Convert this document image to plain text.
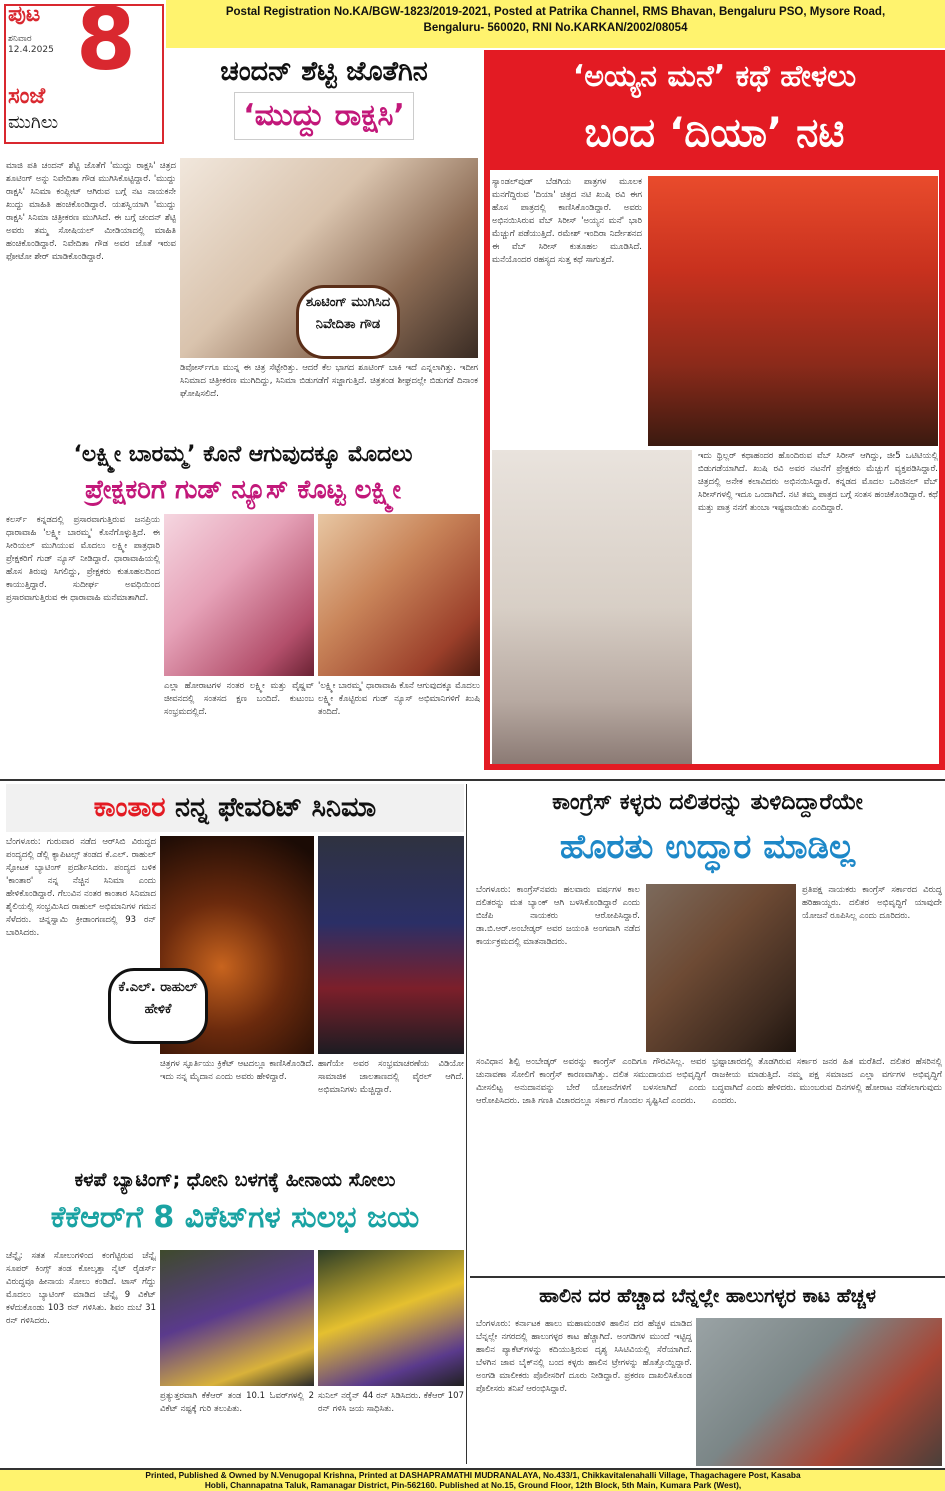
ಪುಟ
ಶನಿವಾರ
12.4.2025 8
ಸಂಜೆ
ಮುಗಿಲು
Postal Registration No.KA/BGW-1823/2019-2021, Posted at Patrika Channel, RMS Bhavan, Bengaluru PSO, Mysore Road,
Bengaluru- 560020, RNI No.KARKAN/2002/08054
ಚಂದನ್ ಶೆಟ್ಟಿ ಜೊತೆಗಿನ
‘ಮುದ್ದು ರಾಕ್ಷಸಿ’
ಮಾಜಿ ಪತಿ ಚಂದನ್ ಶೆಟ್ಟಿ ಜೊತೆಗೆ 'ಮುದ್ದು ರಾಕ್ಷಸಿ' ಚಿತ್ರದ ಶೂಟಿಂಗ್ ಅನ್ನು ನಿವೇದಿತಾ ಗೌಡ ಮುಗಿಸಿಕೊಟ್ಟಿದ್ದಾರೆ. 'ಮುದ್ದು ರಾಕ್ಷಸಿ' ಸಿನಿಮಾ ಕಂಪ್ಲೀಟ್ ಆಗಿರುವ ಬಗ್ಗೆ ನಟ ನಾಯಕನೇ ಖುದ್ದು ಮಾಹಿತಿ ಹಂಚಿಕೊಂಡಿದ್ದಾರೆ. ಯಶಸ್ವಿಯಾಗಿ 'ಮುದ್ದು ರಾಕ್ಷಸಿ' ಸಿನಿಮಾ ಚಿತ್ರೀಕರಣ ಮುಗಿಸಿದೆ. ಈ ಬಗ್ಗೆ ಚಂದನ್ ಶೆಟ್ಟಿ ಅವರು ತಮ್ಮ ಸೋಷಿಯಲ್ ಮೀಡಿಯಾದಲ್ಲಿ ಮಾಹಿತಿ ಹಂಚಿಕೊಂಡಿದ್ದಾರೆ. ನಿವೇದಿತಾ ಗೌಡ ಅವರ ಜೊತೆ ಇರುವ ಫೋಟೋ ಶೇರ್ ಮಾಡಿಕೊಂಡಿದ್ದಾರೆ.
ಶೂಟಿಂಗ್ ಮುಗಿಸಿದ ನಿವೇದಿತಾ ಗೌಡ
ಡಿವೋರ್ಸ್‌ಗೂ ಮುನ್ನ ಈ ಚಿತ್ರ ಸೆಟ್ಟೇರಿತ್ತು. ಆದರೆ ಕೆಲ ಭಾಗದ ಶೂಟಿಂಗ್ ಬಾಕಿ ಇದೆ ಎನ್ನಲಾಗಿತ್ತು. ಇದೀಗ ಸಿನಿಮಾದ ಚಿತ್ರೀಕರಣ ಮುಗಿದಿದ್ದು, ಸಿನಿಮಾ ಬಿಡುಗಡೆಗೆ ಸಜ್ಜಾಗುತ್ತಿದೆ. ಚಿತ್ರತಂಡ ಶೀಘ್ರದಲ್ಲೇ ಬಿಡುಗಡೆ ದಿನಾಂಕ ಘೋಷಿಸಲಿದೆ.
‘ಅಯ್ಯನ ಮನೆ’ ಕಥೆ ಹೇಳಲು
ಬಂದ ‘ದಿಯಾ’ ನಟಿ
ಸ್ಯಾಂಡಲ್‌ವುಡ್ ಬೆಡಗಿಯ ಪಾತ್ರಗಳ ಮೂಲಕ ಮನಗೆದ್ದಿರುವ 'ದಿಯಾ' ಚಿತ್ರದ ನಟಿ ಖುಷಿ ರವಿ ಈಗ ಹೊಸ ಪಾತ್ರದಲ್ಲಿ ಕಾಣಿಸಿಕೊಂಡಿದ್ದಾರೆ. ಅವರು ಅಭಿನಯಿಸಿರುವ ವೆಬ್ ಸಿರೀಸ್ 'ಅಯ್ಯನ ಮನೆ' ಭಾರಿ ಮೆಚ್ಚುಗೆ ಪಡೆಯುತ್ತಿದೆ. ರಮೇಶ್ ಇಂದಿರಾ ನಿರ್ದೇಶನದ ಈ ವೆಬ್ ಸಿರೀಸ್ ಕುತೂಹಲ ಮೂಡಿಸಿದೆ. ಮನೆಯೊಂದರ ರಹಸ್ಯದ ಸುತ್ತ ಕಥೆ ಸಾಗುತ್ತದೆ.
ಇದು ಥ್ರಿಲ್ಲರ್ ಕಥಾಹಂದರ ಹೊಂದಿರುವ ವೆಬ್ ಸಿರೀಸ್ ಆಗಿದ್ದು, ಜೀ5 ಒಟಿಟಿಯಲ್ಲಿ ಬಿಡುಗಡೆಯಾಗಿದೆ. ಖುಷಿ ರವಿ ಅವರ ನಟನೆಗೆ ಪ್ರೇಕ್ಷಕರು ಮೆಚ್ಚುಗೆ ವ್ಯಕ್ತಪಡಿಸಿದ್ದಾರೆ. ಚಿತ್ರದಲ್ಲಿ ಅನೇಕ ಕಲಾವಿದರು ಅಭಿನಯಿಸಿದ್ದಾರೆ. ಕನ್ನಡದ ಮೊದಲ ಒರಿಜಿನಲ್ ವೆಬ್ ಸಿರೀಸ್‌ಗಳಲ್ಲಿ ಇದೂ ಒಂದಾಗಿದೆ. ನಟಿ ತಮ್ಮ ಪಾತ್ರದ ಬಗ್ಗೆ ಸಂತಸ ಹಂಚಿಕೊಂಡಿದ್ದಾರೆ. ಕಥೆ ಮತ್ತು ಪಾತ್ರ ನನಗೆ ತುಂಬಾ ಇಷ್ಟವಾಯಿತು ಎಂದಿದ್ದಾರೆ.
‘ಲಕ್ಷ್ಮೀ ಬಾರಮ್ಮ’ ಕೊನೆ ಆಗುವುದಕ್ಕೂ ಮೊದಲು
ಪ್ರೇಕ್ಷಕರಿಗೆ ಗುಡ್ ನ್ಯೂಸ್ ಕೊಟ್ಟ ಲಕ್ಷ್ಮೀ
ಕಲರ್ಸ್ ಕನ್ನಡದಲ್ಲಿ ಪ್ರಸಾರವಾಗುತ್ತಿರುವ ಜನಪ್ರಿಯ ಧಾರಾವಾಹಿ 'ಲಕ್ಷ್ಮೀ ಬಾರಮ್ಮ' ಕೊನೆಗೊಳ್ಳುತ್ತಿದೆ. ಈ ಸೀರಿಯಲ್ ಮುಗಿಯುವ ಮೊದಲು ಲಕ್ಷ್ಮೀ ಪಾತ್ರಧಾರಿ ಪ್ರೇಕ್ಷಕರಿಗೆ ಗುಡ್ ನ್ಯೂಸ್ ನೀಡಿದ್ದಾರೆ. ಧಾರಾವಾಹಿಯಲ್ಲಿ ಹೊಸ ತಿರುವು ಸಿಗಲಿದ್ದು, ಪ್ರೇಕ್ಷಕರು ಕುತೂಹಲದಿಂದ ಕಾಯುತ್ತಿದ್ದಾರೆ. ಸುದೀರ್ಘ ಅವಧಿಯಿಂದ ಪ್ರಸಾರವಾಗುತ್ತಿರುವ ಈ ಧಾರಾವಾಹಿ ಮನೆಮಾತಾಗಿದೆ.
ಎಲ್ಲಾ ಹೋರಾಟಗಳ ನಂತರ ಲಕ್ಷ್ಮೀ ಮತ್ತು ವೈಷ್ಣವ್ ಜೀವನದಲ್ಲಿ ಸಂತಸದ ಕ್ಷಣ ಬಂದಿದೆ. ಕುಟುಂಬ ಸಂಭ್ರಮದಲ್ಲಿದೆ.
'ಲಕ್ಷ್ಮೀ ಬಾರಮ್ಮ' ಧಾರಾವಾಹಿ ಕೊನೆ ಆಗುವುದಕ್ಕೂ ಮೊದಲು ಲಕ್ಷ್ಮೀ ಕೊಟ್ಟಿರುವ ಗುಡ್ ನ್ಯೂಸ್ ಅಭಿಮಾನಿಗಳಿಗೆ ಖುಷಿ ತಂದಿದೆ.
ಕಾಂತಾರ ನನ್ನ ಫೇವರಿಟ್ ಸಿನಿಮಾ
ಬೆಂಗಳೂರು: ಗುರುವಾರ ನಡೆದ ಆರ್‌ಸಿಬಿ ವಿರುದ್ಧದ ಪಂದ್ಯದಲ್ಲಿ ಡೆಲ್ಲಿ ಕ್ಯಾಪಿಟಲ್ಸ್ ತಂಡದ ಕೆ.ಎಲ್. ರಾಹುಲ್ ಸ್ಫೋಟಕ ಬ್ಯಾಟಿಂಗ್ ಪ್ರದರ್ಶಿಸಿದರು. ಪಂದ್ಯದ ಬಳಿಕ 'ಕಾಂತಾರ' ನನ್ನ ನೆಚ್ಚಿನ ಸಿನಿಮಾ ಎಂದು ಹೇಳಿಕೊಂಡಿದ್ದಾರೆ. ಗೆಲುವಿನ ನಂತರ ಕಾಂತಾರ ಸಿನಿಮಾದ ಶೈಲಿಯಲ್ಲಿ ಸಂಭ್ರಮಿಸಿದ ರಾಹುಲ್ ಅಭಿಮಾನಿಗಳ ಗಮನ ಸೆಳೆದರು. ಚಿನ್ನಸ್ವಾಮಿ ಕ್ರೀಡಾಂಗಣದಲ್ಲಿ 93 ರನ್ ಬಾರಿಸಿದರು.
ಕೆ.ಎಲ್. ರಾಹುಲ್ ಹೇಳಿಕೆ
ಚಿತ್ರಗಳ ಸ್ಫೂರ್ತಿಯು ಕ್ರಿಕೆಟ್ ಆಟದಲ್ಲೂ ಕಾಣಿಸಿಕೊಂಡಿದೆ. ಇದು ನನ್ನ ಮೈದಾನ ಎಂದು ಅವರು ಹೇಳಿದ್ದಾರೆ.
ಹಾಗೆಯೇ ಅವರ ಸಂಭ್ರಮಾಚರಣೆಯ ವಿಡಿಯೋ ಸಾಮಾಜಿಕ ಜಾಲತಾಣದಲ್ಲಿ ವೈರಲ್ ಆಗಿದೆ. ಅಭಿಮಾನಿಗಳು ಮೆಚ್ಚಿದ್ದಾರೆ.
ಕಾಂಗ್ರೆಸ್ ಕಳ್ಳರು ದಲಿತರನ್ನು ತುಳಿದಿದ್ದಾರೆಯೇ
ಹೊರತು ಉದ್ಧಾರ ಮಾಡಿಲ್ಲ
ಬೆಂಗಳೂರು: ಕಾಂಗ್ರೆಸ್‌ನವರು ಹಲವಾರು ವರ್ಷಗಳ ಕಾಲ ದಲಿತರನ್ನು ಮತ ಬ್ಯಾಂಕ್ ಆಗಿ ಬಳಸಿಕೊಂಡಿದ್ದಾರೆ ಎಂದು ಬಿಜೆಪಿ ನಾಯಕರು ಆರೋಪಿಸಿದ್ದಾರೆ. ಡಾ.ಬಿ.ಆರ್.ಅಂಬೇಡ್ಕರ್ ಅವರ ಜಯಂತಿ ಅಂಗವಾಗಿ ನಡೆದ ಕಾರ್ಯಕ್ರಮದಲ್ಲಿ ಮಾತನಾಡಿದರು.
ಪ್ರತಿಪಕ್ಷ ನಾಯಕರು ಕಾಂಗ್ರೆಸ್ ಸರ್ಕಾರದ ವಿರುದ್ಧ ಹರಿಹಾಯ್ದರು. ದಲಿತರ ಅಭಿವೃದ್ಧಿಗೆ ಯಾವುದೇ ಯೋಜನೆ ರೂಪಿಸಿಲ್ಲ ಎಂದು ದೂರಿದರು.
ಸಂವಿಧಾನ ಶಿಲ್ಪಿ ಅಂಬೇಡ್ಕರ್ ಅವರನ್ನು ಕಾಂಗ್ರೆಸ್ ಎಂದಿಗೂ ಗೌರವಿಸಿಲ್ಲ. ಅವರ ಚುನಾವಣಾ ಸೋಲಿಗೆ ಕಾಂಗ್ರೆಸ್ ಕಾರಣವಾಗಿತ್ತು. ದಲಿತ ಸಮುದಾಯದ ಅಭಿವೃದ್ಧಿಗೆ ಮೀಸಲಿಟ್ಟ ಅನುದಾನವನ್ನು ಬೇರೆ ಯೋಜನೆಗಳಿಗೆ ಬಳಸಲಾಗಿದೆ ಎಂದು ಆರೋಪಿಸಿದರು. ಜಾತಿ ಗಣತಿ ವಿಚಾರದಲ್ಲೂ ಸರ್ಕಾರ ಗೊಂದಲ ಸೃಷ್ಟಿಸಿದೆ ಎಂದರು.
ಭ್ರಷ್ಟಾಚಾರದಲ್ಲಿ ತೊಡಗಿರುವ ಸರ್ಕಾರ ಜನರ ಹಿತ ಮರೆತಿದೆ. ದಲಿತರ ಹೆಸರಿನಲ್ಲಿ ರಾಜಕೀಯ ಮಾಡುತ್ತಿದೆ. ನಮ್ಮ ಪಕ್ಷ ಸಮಾಜದ ಎಲ್ಲಾ ವರ್ಗಗಳ ಅಭಿವೃದ್ಧಿಗೆ ಬದ್ಧವಾಗಿದೆ ಎಂದು ಹೇಳಿದರು. ಮುಂಬರುವ ದಿನಗಳಲ್ಲಿ ಹೋರಾಟ ನಡೆಸಲಾಗುವುದು ಎಂದರು.
ಕಳಪೆ ಬ್ಯಾಟಿಂಗ್; ಧೋನಿ ಬಳಗಕ್ಕೆ ಹೀನಾಯ ಸೋಲು
ಕೆಕೆಆರ್‌ಗೆ 8 ವಿಕೆಟ್‌ಗಳ ಸುಲಭ ಜಯ
ಚೆನ್ನೈ: ಸತತ ಸೋಲುಗಳಿಂದ ಕಂಗೆಟ್ಟಿರುವ ಚೆನ್ನೈ ಸೂಪರ್ ಕಿಂಗ್ಸ್ ತಂಡ ಕೋಲ್ಕತ್ತಾ ನೈಟ್ ರೈಡರ್ಸ್ ವಿರುದ್ಧವೂ ಹೀನಾಯ ಸೋಲು ಕಂಡಿದೆ. ಟಾಸ್ ಗೆದ್ದು ಮೊದಲು ಬ್ಯಾಟಿಂಗ್ ಮಾಡಿದ ಚೆನ್ನೈ 9 ವಿಕೆಟ್ ಕಳೆದುಕೊಂಡು 103 ರನ್ ಗಳಿಸಿತು. ಶಿವಂ ದುಬೆ 31 ರನ್ ಗಳಿಸಿದರು.
ಪ್ರತ್ಯುತ್ತರವಾಗಿ ಕೆಕೆಆರ್ ತಂಡ 10.1 ಓವರ್‌ಗಳಲ್ಲಿ 2 ವಿಕೆಟ್ ನಷ್ಟಕ್ಕೆ ಗುರಿ ತಲುಪಿತು.
ಸುನಿಲ್ ನರೈನ್ 44 ರನ್ ಸಿಡಿಸಿದರು. ಕೆಕೆಆರ್ 107 ರನ್ ಗಳಿಸಿ ಜಯ ಸಾಧಿಸಿತು.
ಹಾಲಿನ ದರ ಹೆಚ್ಚಾದ ಬೆನ್ನಲ್ಲೇ ಹಾಲುಗಳ್ಳರ ಕಾಟ ಹೆಚ್ಚಳ
ಬೆಂಗಳೂರು: ಕರ್ನಾಟಕ ಹಾಲು ಮಹಾಮಂಡಳಿ ಹಾಲಿನ ದರ ಹೆಚ್ಚಳ ಮಾಡಿದ ಬೆನ್ನಲ್ಲೇ ನಗರದಲ್ಲಿ ಹಾಲುಗಳ್ಳರ ಕಾಟ ಹೆಚ್ಚಾಗಿದೆ. ಅಂಗಡಿಗಳ ಮುಂದೆ ಇಟ್ಟಿದ್ದ ಹಾಲಿನ ಪ್ಯಾಕೆಟ್‌ಗಳನ್ನು ಕದಿಯುತ್ತಿರುವ ದೃಶ್ಯ ಸಿಸಿಟಿವಿಯಲ್ಲಿ ಸೆರೆಯಾಗಿದೆ. ಬೆಳಗಿನ ಜಾವ ಬೈಕ್‌ನಲ್ಲಿ ಬಂದ ಕಳ್ಳರು ಹಾಲಿನ ಟ್ರೇಗಳನ್ನು ಹೊತ್ತೊಯ್ದಿದ್ದಾರೆ. ಅಂಗಡಿ ಮಾಲೀಕರು ಪೊಲೀಸರಿಗೆ ದೂರು ನೀಡಿದ್ದಾರೆ. ಪ್ರಕರಣ ದಾಖಲಿಸಿಕೊಂಡ ಪೊಲೀಸರು ತನಿಖೆ ಆರಂಭಿಸಿದ್ದಾರೆ.
Printed, Published & Owned by N.Venugopal Krishna, Printed at DASHAPRAMATHI MUDRANALAYA, No.433/1, Chikkavitalenahalli Village, Thagachagere Post, Kasaba
Hobli, Channapatna Taluk, Ramanagar District, Pin-562160. Published at No.15, Ground Floor, 12th Block, 5th Main, Kumara Park (West),
